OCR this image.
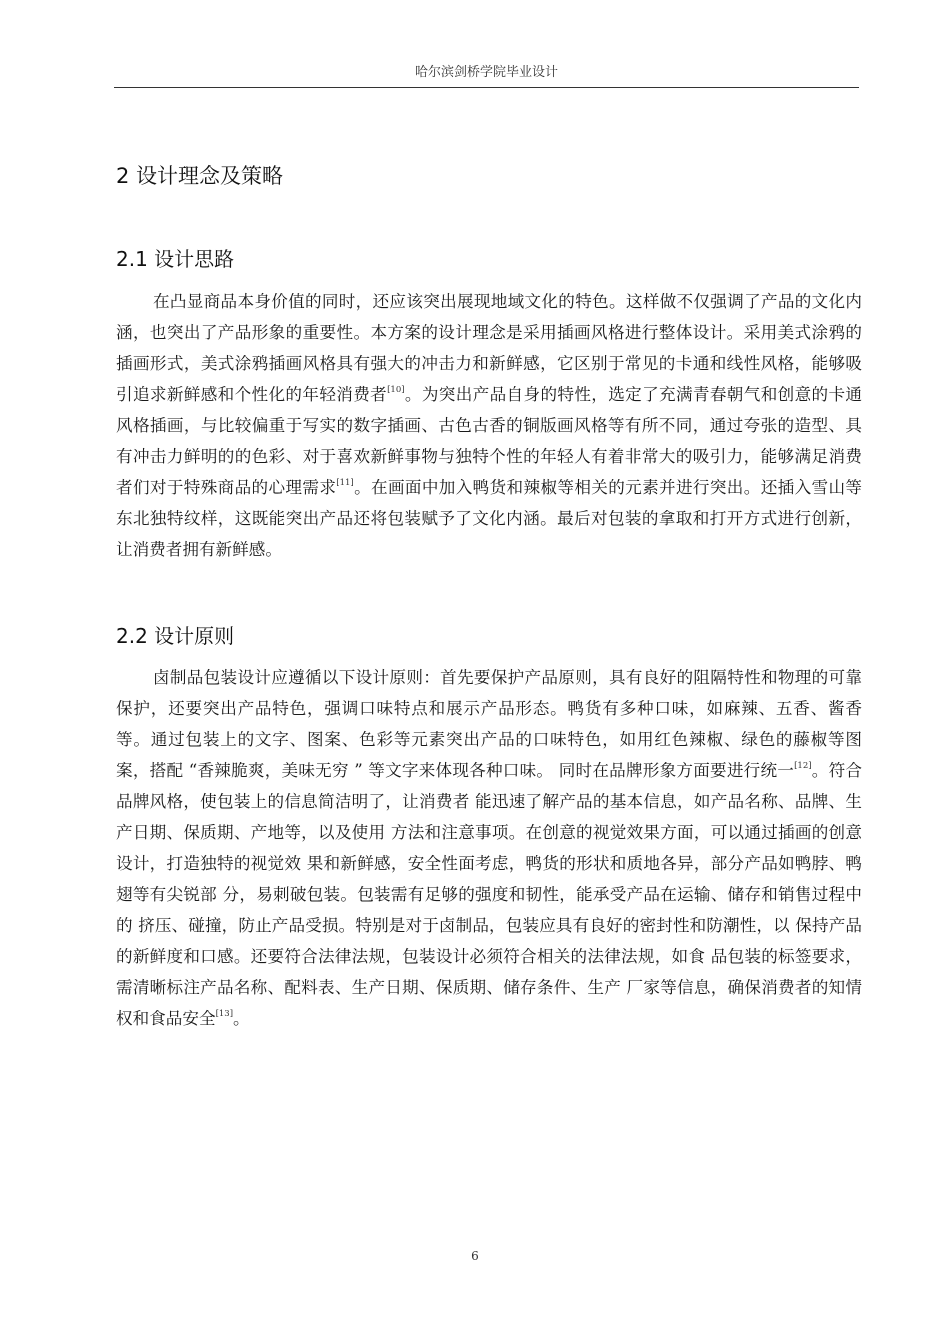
哈尔滨剑桥学院毕业设计
2 设计理念及策略
2.1 设计思路

在凸显商品本身价值的同时，还应该突出展现地域文化的特色。这样做不仅强调了产品的文化内涵，也突出了产品形象的重要性。本方案的设计理念是采用插画风格进行整体设计。采用美式涂鸦的插画形式，美式涂鸦插画风格具有强大的冲击力和新鲜感，它区别于常见的卡通和线性风格，能够吸引追求新鲜感和个性化的年轻消费者[10]。为突出产品自身的特性，选定了充满青春朝气和创意的卡通风格插画，与比较偏重于写实的数字插画、古色古香的铜版画风格等有所不同，通过夸张的造型、具有冲击力鲜明的的色彩、对于喜欢新鲜事物与独特个性的年轻人有着非常大的吸引力，能够满足消费者们对于特殊商品的心理需求[11]。在画面中加入鸭货和辣椒等相关的元素并进行突出。还插入雪山等东北独特纹样，这既能突出产品还将包装赋予了文化内涵。最后对包装的拿取和打开方式进行创新，让消费者拥有新鲜感。

2.2 设计原则

卤制品包装设计应遵循以下设计原则：首先要保护产品原则，具有良好的阻隔特性和物理的可靠保护，还要突出产品特色，强调口味特点和展示产品形态。鸭货有多种口味，如麻辣、五香、酱香等。通过包装上的文字、图案、色彩等元素突出产品的口味特色，如用红色辣椒、绿色的藤椒等图案，搭配 “香辣脆爽，美味无穷 ” 等文字来体现各种口味。 同时在品牌形象方面要进行统一[12]。符合品牌风格，使包装上的信息简洁明了，让消费者 能迅速了解产品的基本信息，如产品名称、品牌、生产日期、保质期、产地等，以及使用 方法和注意事项。在创意的视觉效果方面，可以通过插画的创意设计，打造独特的视觉效 果和新鲜感，安全性面考虑，鸭货的形状和质地各异，部分产品如鸭脖、鸭翅等有尖锐部 分，易刺破包装。包装需有足够的强度和韧性，能承受产品在运输、储存和销售过程中的 挤压、碰撞，防止产品受损。特别是对于卤制品，包装应具有良好的密封性和防潮性，以 保持产品的新鲜度和口感。还要符合法律法规，包装设计必须符合相关的法律法规，如食 品包装的标签要求，需清晰标注产品名称、配料表、生产日期、保质期、储存条件、生产 厂家等信息，确保消费者的知情权和食品安全[13]。

6
